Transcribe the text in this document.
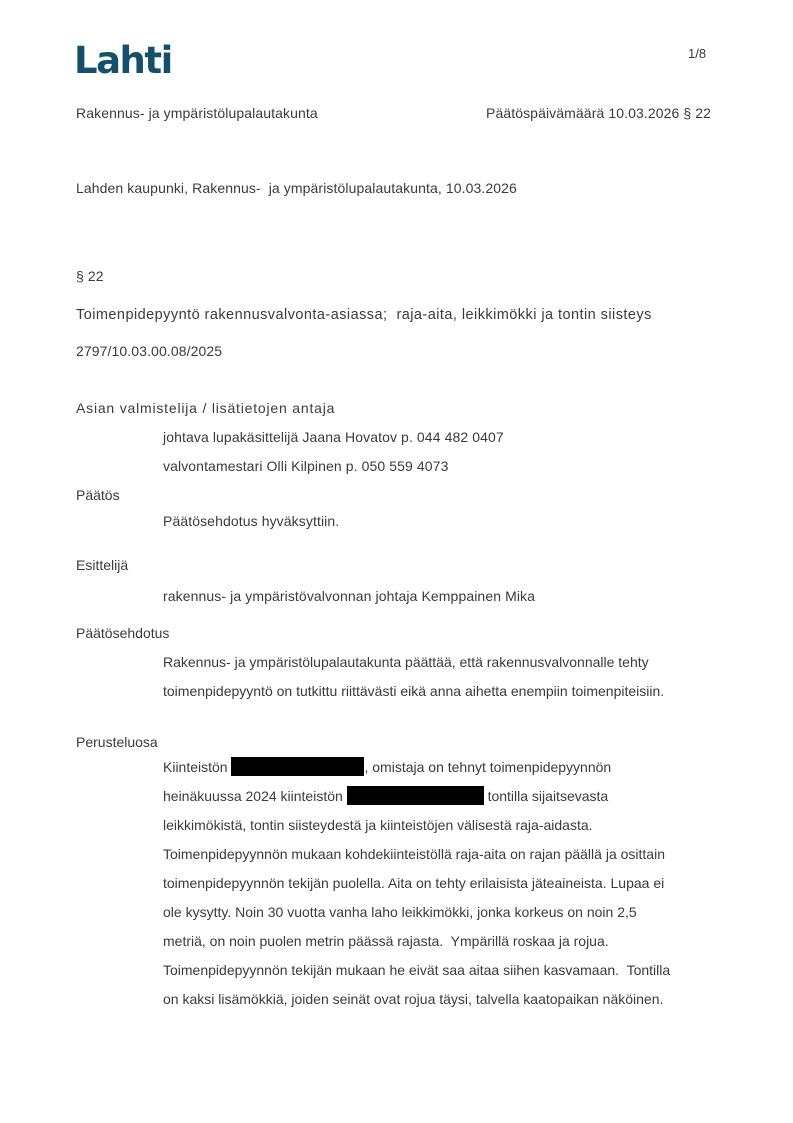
Lahti	1/8
Rakennus- ja ympäristölupalautakunta	Päätöspäivämäärä 10.03.2026 § 22
Lahden kaupunki, Rakennus-  ja ympäristölupalautakunta, 10.03.2026
§ 22
Toimenpidepyyntö rakennusvalvonta-asiassa;  raja-aita, leikkimökki ja tontin siisteys
2797/10.03.00.08/2025
Asian valmistelija / lisätietojen antaja
johtava lupakäsittelijä Jaana Hovatov p. 044 482 0407
valvontamestari Olli Kilpinen p. 050 559 4073
Päätös
Päätösehdotus hyväksyttiin.
Esittelijä
rakennus- ja ympäristövalvonnan johtaja Kemppainen Mika
Päätösehdotus
Rakennus- ja ympäristölupalautakunta päättää, että rakennusvalvonnalle tehty
toimenpidepyyntö on tutkittu riittävästi eikä anna aihetta enempiin toimenpiteisiin.
Perusteluosa
Kiinteistön	, omistaja on tehnyt toimenpidepyynnön
heinäkuussa 2024 kiinteistön	tontilla sijaitsevasta
leikkimökistä, tontin siisteydestä ja kiinteistöjen välisestä raja-aidasta.
Toimenpidepyynnön mukaan kohdekiinteistöllä raja-aita on rajan päällä ja osittain
toimenpidepyynnön tekijän puolella. Aita on tehty erilaisista jäteaineista. Lupaa ei
ole kysytty. Noin 30 vuotta vanha laho leikkimökki, jonka korkeus on noin 2,5
metriä, on noin puolen metrin päässä rajasta.  Ympärillä roskaa ja rojua.
Toimenpidepyynnön tekijän mukaan he eivät saa aitaa siihen kasvamaan.  Tontilla
on kaksi lisämökkiä, joiden seinät ovat rojua täysi, talvella kaatopaikan näköinen.
